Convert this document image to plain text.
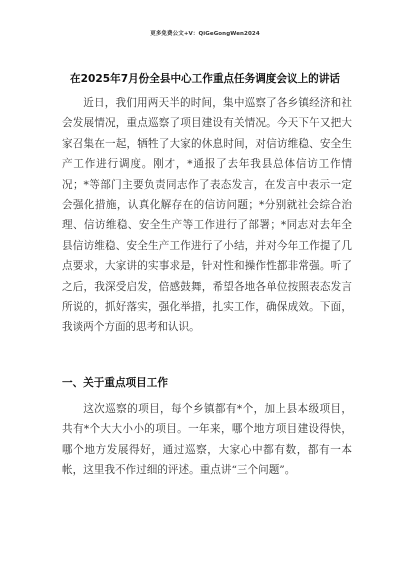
更多免费公文+V：QiGeGongWen2024
在2025年7月份全县中心工作重点任务调度会议上的讲话

近日，我们用两天半的时间，集中巡察了各乡镇经济和社会发展情况，重点巡察了项目建设有关情况。今天下午又把大家召集在一起，牺牲了大家的休息时间，对信访维稳、安全生产工作进行调度。刚才，*通报了去年我县总体信访工作情况；*等部门主要负责同志作了表态发言，在发言中表示一定会强化措施，认真化解存在的信访问题；*分别就社会综合治理、信访维稳、安全生产等工作进行了部署；*同志对去年全县信访维稳、安全生产工作进行了小结，并对今年工作提了几点要求，大家讲的实事求是，针对性和操作性都非常强。听了之后，我深受启发，倍感鼓舞，希望各地各单位按照表态发言所说的，抓好落实，强化举措，扎实工作，确保成效。下面，我谈两个方面的思考和认识。

一、关于重点项目工作

这次巡察的项目，每个乡镇都有*个，加上县本级项目，共有*个大大小小的项目。一年来，哪个地方项目建设得快，哪个地方发展得好，通过巡察，大家心中都有数，都有一本帐，这里我不作过细的评述。重点讲“三个问题”。
